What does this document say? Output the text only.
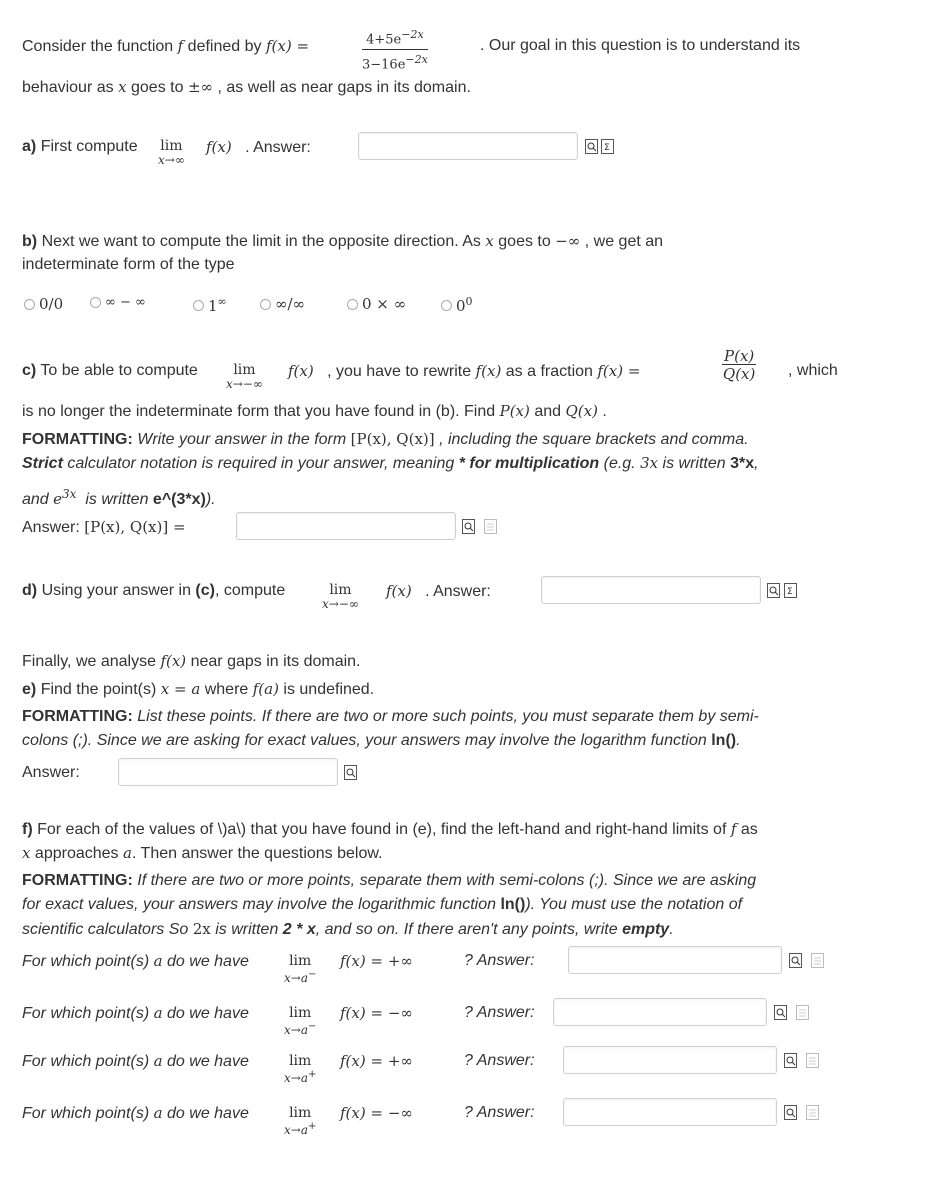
Consider the function f defined by f(x) =	$4+5e^{-2x}$
$3-16e^{-2x}$
. Our goal in this question is to understand its
behaviour as x goes to ±∞ , as well as near gaps in its domain.
a) First compute lim
x→∞
f(x) . Answer:	Σ
b) Next we want to compute the limit in the opposite direction. As x goes to −∞ , we get an
indeterminate form of the type
0/0	∞ − ∞	1∞	∞/∞	0 × ∞	$0^0$
c) To be able to compute	lim
x→−∞
f(x) , you have to rewrite f(x) as a fraction f(x) =	$\frac{P(x)}{Q(x)}$ , which
is no longer the indeterminate form that you have found in (b). Find P(x) and Q(x) .
FORMATTING: Write your answer in the form [P(x), Q(x)] , including the square brackets and comma.
Strict calculator notation is required in your answer, meaning * for multiplication (e.g. 3x is written 3*x,
and $e^{3x}$ is written e^(3*x)).
Answer: [P(x), Q(x)] =
d) Using your answer in (c), compute	lim
x→−∞
f(x) . Answer:	Σ
Finally, we analyse f(x) near gaps in its domain.
e) Find the point(s) x = a where f(a) is undefined.
FORMATTING: List these points. If there are two or more such points, you must separate them by semi-
colons (;). Since we are asking for exact values, your answers may involve the logarithm function ln().
Answer:
f) For each of the values of \)a\) that you have found in (e), find the left-hand and right-hand limits of f as
x approaches a. Then answer the questions below.
FORMATTING: If there are two or more points, separate them with semi-colons (;). Since we are asking
for exact values, your answers may involve the logarithmic function ln()). You must use the notation of
scientific calculators So 2x is written 2 * x, and so on. If there aren't any points, write empty.
For which point(s) a do we have	lim
x→a−
f(x) = +∞	? Answer:
For which point(s) a do we have	lim
x→a−
f(x) = −∞	? Answer:
For which point(s) a do we have	lim
x→a+
f(x) = +∞	? Answer:
For which point(s) a do we have	lim
x→a+
f(x) = −∞	? Answer:
